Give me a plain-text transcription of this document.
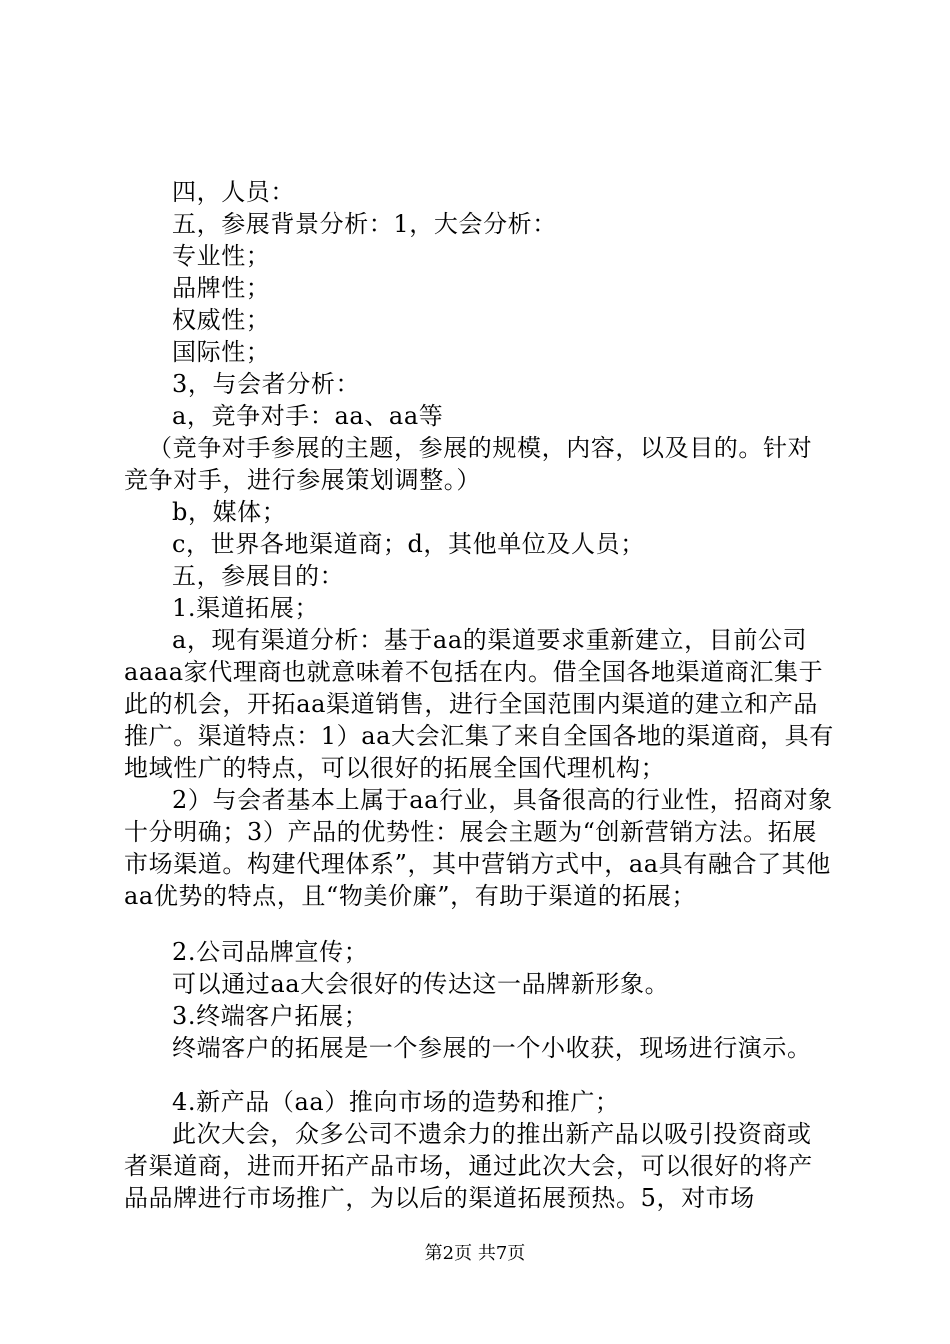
四，人员：

五，参展背景分析：1，大会分析：

专业性；

品牌性；

权威性；

国际性；

3，与会者分析：

a，竞争对手：aa、aa等

（竞争对手参展的主题，参展的规模，内容，以及目的。针对竞争对手，进行参展策划调整。）

b，媒体；

c，世界各地渠道商；d，其他单位及人员；

五，参展目的：

1.渠道拓展；

a，现有渠道分析：基于aa的渠道要求重新建立，目前公司aaaa家代理商也就意味着不包括在内。借全国各地渠道商汇集于此的机会，开拓aa渠道销售，进行全国范围内渠道的建立和产品推广。渠道特点：1）aa大会汇集了来自全国各地的渠道商，具有地域性广的特点，可以很好的拓展全国代理机构；

2）与会者基本上属于aa行业，具备很高的行业性，招商对象十分明确；3）产品的优势性：展会主题为“创新营销方法。拓展市场渠道。构建代理体系”，其中营销方式中，aa具有融合了其他aa优势的特点，且“物美价廉”，有助于渠道的拓展；

2.公司品牌宣传；

可以通过aa大会很好的传达这一品牌新形象。

3.终端客户拓展；

终端客户的拓展是一个参展的一个小收获，现场进行演示。

4.新产品（aa）推向市场的造势和推广；

此次大会，众多公司不遗余力的推出新产品以吸引投资商或者渠道商，进而开拓产品市场，通过此次大会，可以很好的将产品品牌进行市场推广，为以后的渠道拓展预热。5，对市场

第2页 共7页
